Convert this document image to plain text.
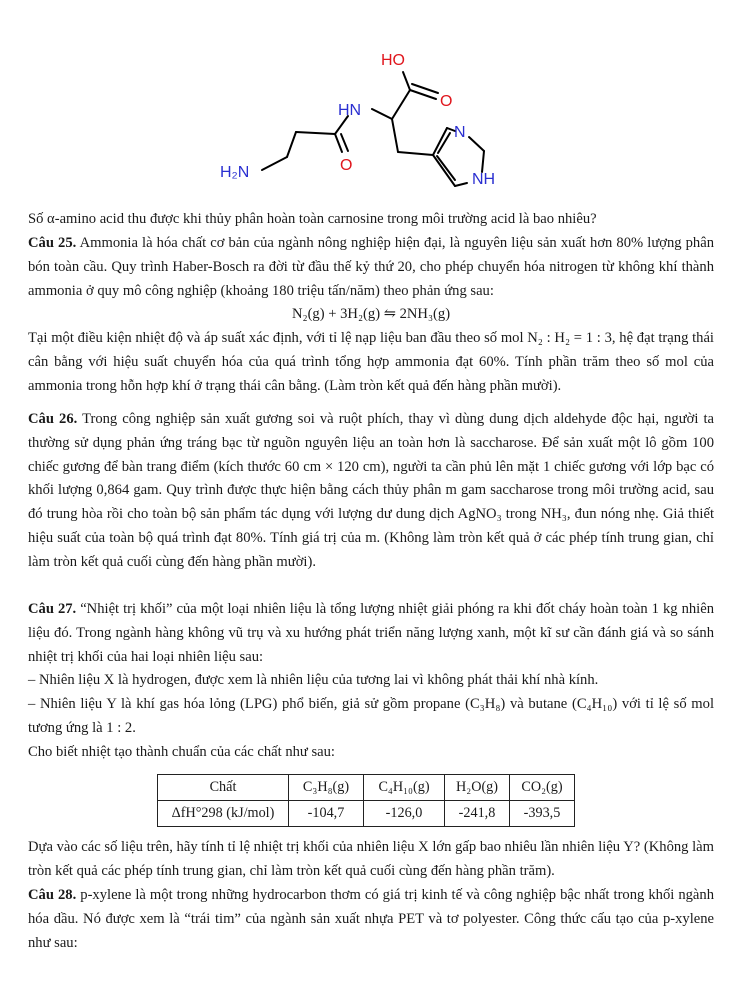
HO
HN
O
O
N
NH
H₂N

Số α-amino acid thu được khi thủy phân hoàn toàn carnosine trong môi trường acid là bao nhiêu?

Câu 25. Ammonia là hóa chất cơ bản của ngành nông nghiệp hiện đại, là nguyên liệu sản xuất hơn 80% lượng phân bón toàn cầu. Quy trình Haber-Bosch ra đời từ đầu thế kỷ thứ 20, cho phép chuyển hóa nitrogen từ không khí thành ammonia ở quy mô công nghiệp (khoảng 180 triệu tấn/năm) theo phản ứng sau:

N₂(g) + 3H₂(g) ⇋ 2NH₃(g)

Tại một điều kiện nhiệt độ và áp suất xác định, với tỉ lệ nạp liệu ban đầu theo số mol N₂ : H₂ = 1 : 3, hệ đạt trạng thái cân bằng với hiệu suất chuyển hóa của quá trình tổng hợp ammonia đạt 60%. Tính phần trăm theo số mol của ammonia trong hỗn hợp khí ở trạng thái cân bằng. (Làm tròn kết quả đến hàng phần mười).

Câu 26. Trong công nghiệp sản xuất gương soi và ruột phích, thay vì dùng dung dịch aldehyde độc hại, người ta thường sử dụng phản ứng tráng bạc từ nguồn nguyên liệu an toàn hơn là saccharose. Để sản xuất một lô gồm 100 chiếc gương để bàn trang điểm (kích thước 60 cm × 120 cm), người ta cần phủ lên mặt 1 chiếc gương với lớp bạc có khối lượng 0,864 gam. Quy trình được thực hiện bằng cách thủy phân m gam saccharose trong môi trường acid, sau đó trung hòa rồi cho toàn bộ sản phẩm tác dụng với lượng dư dung dịch AgNO₃ trong NH₃, đun nóng nhẹ. Giả thiết hiệu suất của toàn bộ quá trình đạt 80%. Tính giá trị của m. (Không làm tròn kết quả ở các phép tính trung gian, chỉ làm tròn kết quả cuối cùng đến hàng phần mười).

Câu 27. “Nhiệt trị khối” của một loại nhiên liệu là tổng lượng nhiệt giải phóng ra khi đốt cháy hoàn toàn 1 kg nhiên liệu đó. Trong ngành hàng không vũ trụ và xu hướng phát triển năng lượng xanh, một kĩ sư cần đánh giá và so sánh nhiệt trị khối của hai loại nhiên liệu sau:

– Nhiên liệu X là hydrogen, được xem là nhiên liệu của tương lai vì không phát thải khí nhà kính.

– Nhiên liệu Y là khí gas hóa lỏng (LPG) phổ biến, giả sử gồm propane (C₃H₈) và butane (C₄H₁₀) với tỉ lệ số mol tương ứng là 1 : 2.

Cho biết nhiệt tạo thành chuẩn của các chất như sau:

Chất	C₃H₈(g)	C₄H₁₀(g)	H₂O(g)	CO₂(g)
ΔfH°298 (kJ/mol)	-104,7	-126,0	-241,8	-393,5

Dựa vào các số liệu trên, hãy tính tỉ lệ nhiệt trị khối của nhiên liệu X lớn gấp bao nhiêu lần nhiên liệu Y? (Không làm tròn kết quả các phép tính trung gian, chỉ làm tròn kết quả cuối cùng đến hàng phần trăm).

Câu 28. p-xylene là một trong những hydrocarbon thơm có giá trị kinh tế và công nghiệp bậc nhất trong khối ngành hóa dầu. Nó được xem là “trái tim” của ngành sản xuất nhựa PET và tơ polyester. Công thức cấu tạo của p-xylene như sau:
